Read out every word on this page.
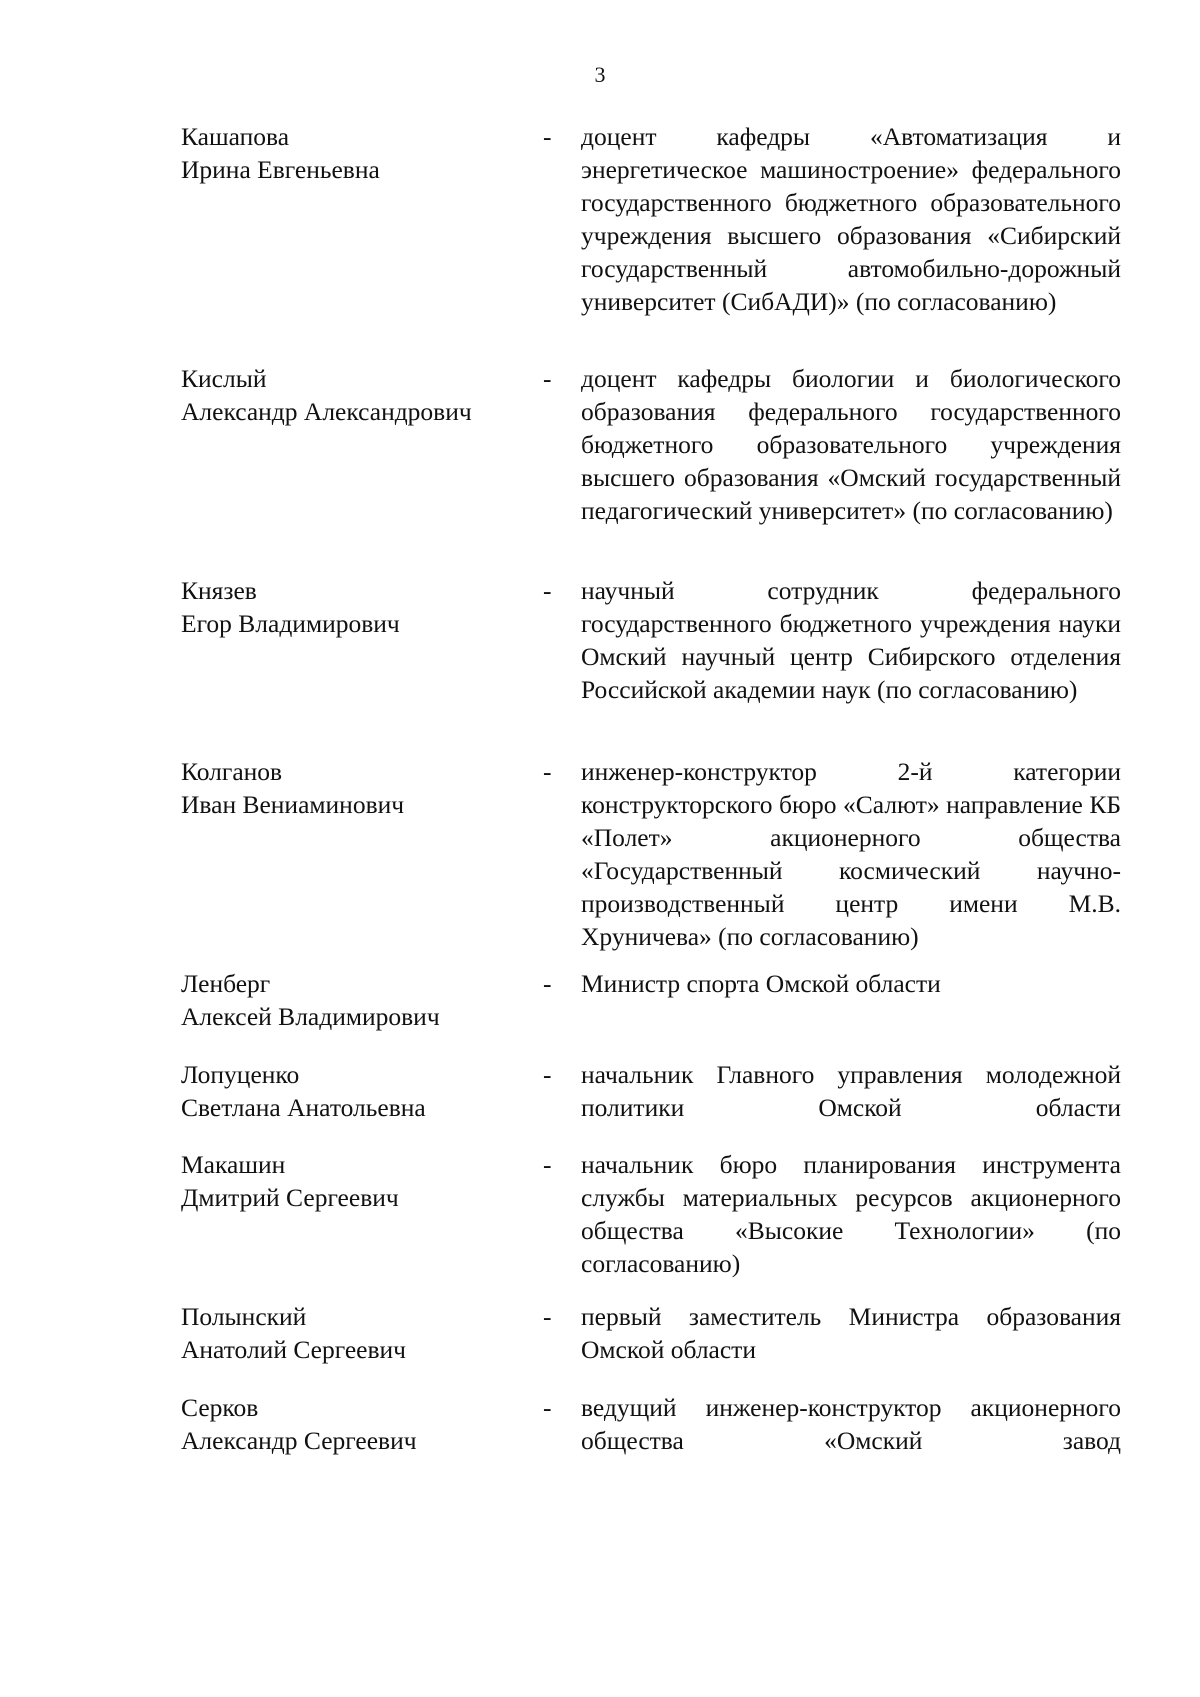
3
Кашапова
Ирина Евгеньевна
- доцент кафедры «Автоматизация и энергетическое машиностроение» федерального государственного бюджетного образовательного учреждения высшего образования «Сибирский государственный автомобильно-дорожный университет (СибАДИ)» (по согласованию)
Кислый
Александр Александрович
- доцент кафедры биологии и биологического образования федерального государственного бюджетного образовательного учреждения высшего образования «Омский государственный педагогический университет» (по согласованию)
Князев
Егор Владимирович
- научный сотрудник федерального государственного бюджетного учреждения науки Омский научный центр Сибирского отделения Российской академии наук (по согласованию)
Колганов
Иван Вениаминович
- инженер-конструктор 2-й категории конструкторского бюро «Салют» направление КБ «Полет» акционерного общества «Государственный космический научно-производственный центр имени М.В. Хруничева» (по согласованию)
Ленберг
Алексей Владимирович
- Министр спорта Омской области
Лопуценко
Светлана Анатольевна
- начальник Главного управления молодежной политики Омской области
Макашин
Дмитрий Сергеевич
- начальник бюро планирования инструмента службы материальных ресурсов акционерного общества «Высокие Технологии» (по согласованию)
Полынский
Анатолий Сергеевич
- первый заместитель Министра образования Омской области
Серков
Александр Сергеевич
- ведущий инженер-конструктор акционерного общества «Омский завод
